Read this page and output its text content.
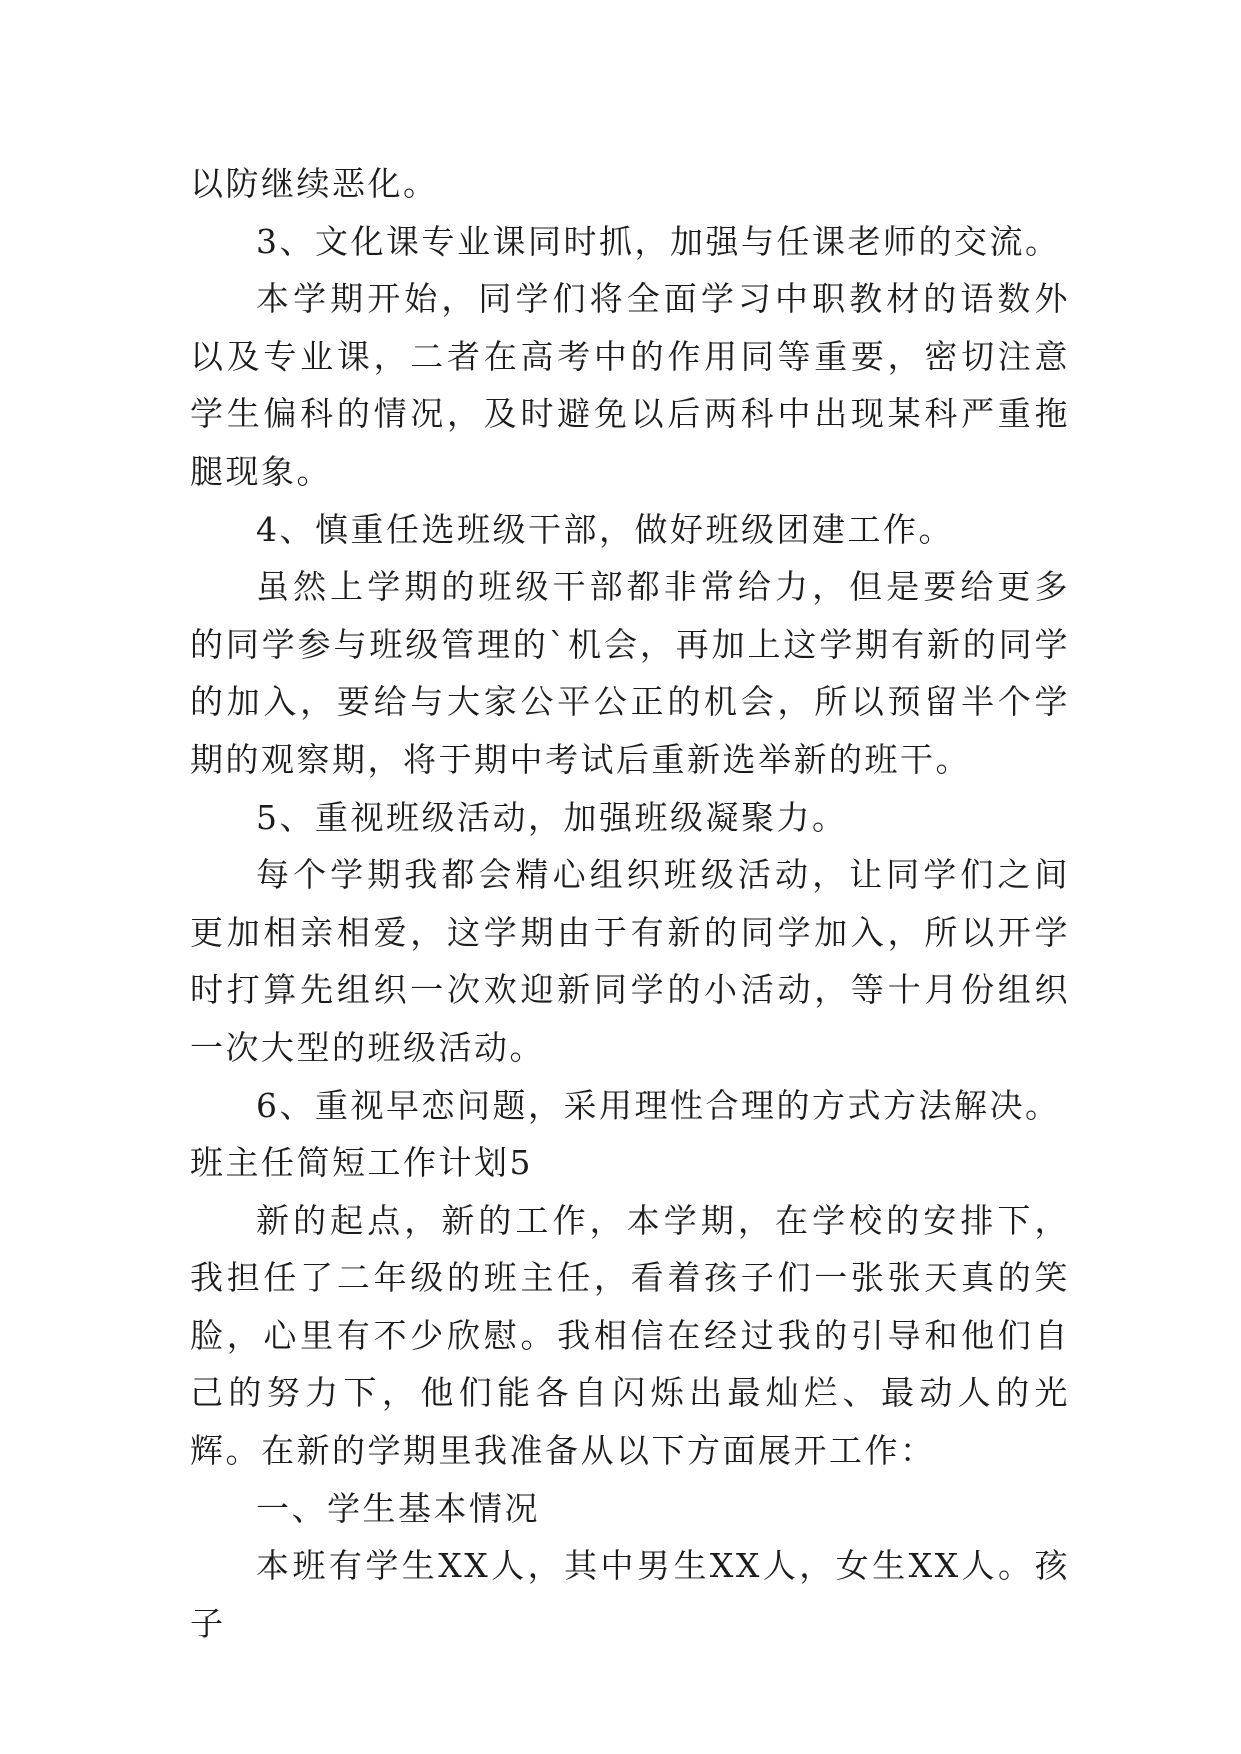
以防继续恶化。

3、文化课专业课同时抓，加强与任课老师的交流。

本学期开始，同学们将全面学习中职教材的语数外以及专业课，二者在高考中的作用同等重要，密切注意学生偏科的情况，及时避免以后两科中出现某科严重拖腿现象。

4、慎重任选班级干部，做好班级团建工作。

虽然上学期的班级干部都非常给力，但是要给更多的同学参与班级管理的`机会，再加上这学期有新的同学的加入，要给与大家公平公正的机会，所以预留半个学期的观察期，将于期中考试后重新选举新的班干。

5、重视班级活动，加强班级凝聚力。

每个学期我都会精心组织班级活动，让同学们之间更加相亲相爱，这学期由于有新的同学加入，所以开学时打算先组织一次欢迎新同学的小活动，等十月份组织一次大型的班级活动。

6、重视早恋问题，采用理性合理的方式方法解决。

班主任简短工作计划5

新的起点，新的工作，本学期，在学校的安排下，我担任了二年级的班主任，看着孩子们一张张天真的笑脸，心里有不少欣慰。我相信在经过我的引导和他们自己的努力下，他们能各自闪烁出最灿烂、最动人的光辉。在新的学期里我准备从以下方面展开工作：

一、学生基本情况

本班有学生XX人，其中男生XX人，女生XX人。孩子
